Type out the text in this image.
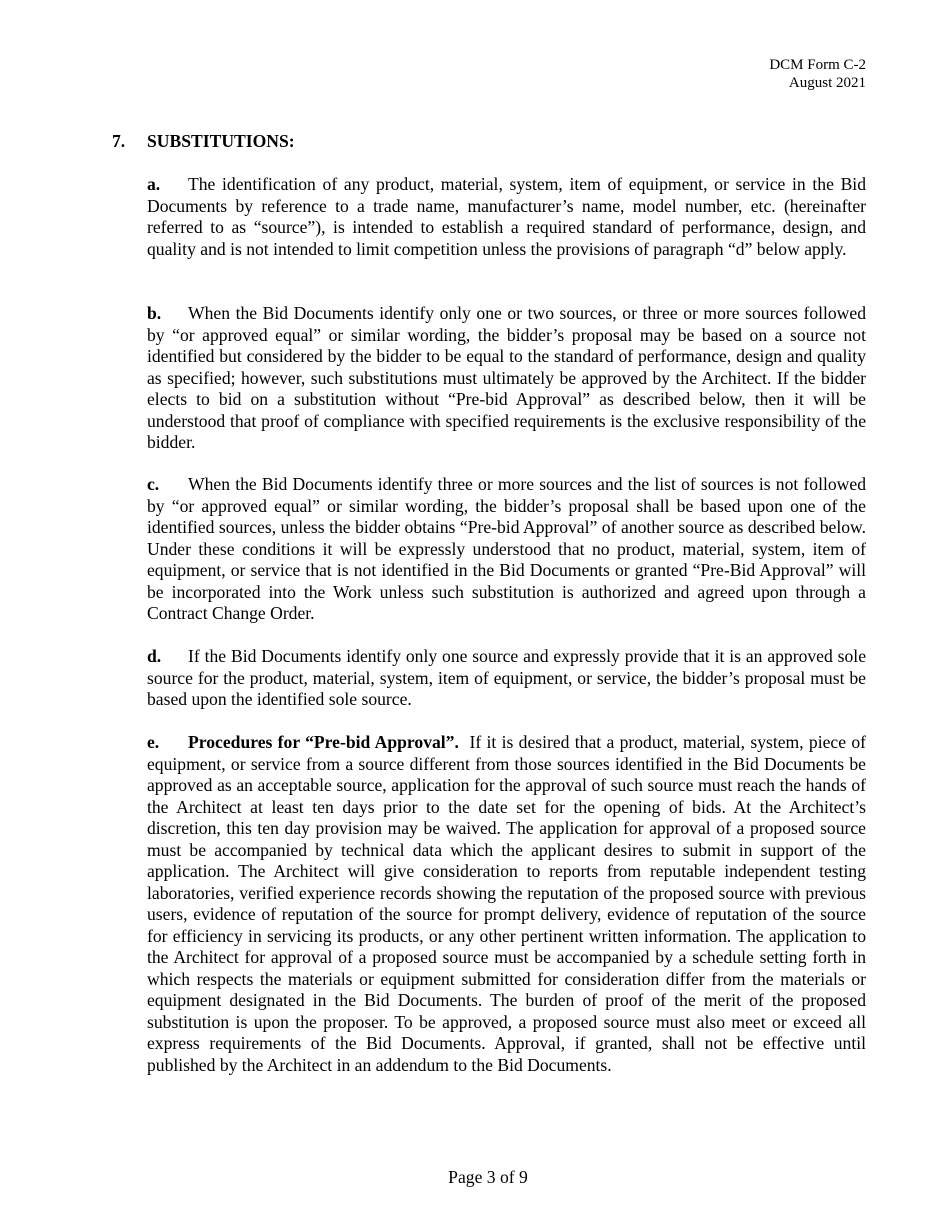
DCM Form C-2
August 2021
7. SUBSTITUTIONS:

a. The identification of any product, material, system, item of equipment, or service in the Bid Documents by reference to a trade name, manufacturer’s name, model number, etc. (hereinafter referred to as “source”), is intended to establish a required standard of performance, design, and quality and is not intended to limit competition unless the provisions of paragraph “d” below apply.

b. When the Bid Documents identify only one or two sources, or three or more sources followed by “or approved equal” or similar wording, the bidder’s proposal may be based on a source not identified but considered by the bidder to be equal to the standard of performance, design and quality as specified; however, such substitutions must ultimately be approved by the Architect. If the bidder elects to bid on a substitution without “Pre-bid Approval” as described below, then it will be understood that proof of compliance with specified requirements is the exclusive responsibility of the bidder.

c. When the Bid Documents identify three or more sources and the list of sources is not followed by “or approved equal” or similar wording, the bidder’s proposal shall be based upon one of the identified sources, unless the bidder obtains “Pre-bid Approval” of another source as described below. Under these conditions it will be expressly understood that no product, material, system, item of equipment, or service that is not identified in the Bid Documents or granted “Pre-Bid Approval” will be incorporated into the Work unless such substitution is authorized and agreed upon through a Contract Change Order.

d. If the Bid Documents identify only one source and expressly provide that it is an approved sole source for the product, material, system, item of equipment, or service, the bidder’s proposal must be based upon the identified sole source.

e. Procedures for “Pre-bid Approval”. If it is desired that a product, material, system, piece of equipment, or service from a source different from those sources identified in the Bid Documents be approved as an acceptable source, application for the approval of such source must reach the hands of the Architect at least ten days prior to the date set for the opening of bids. At the Architect’s discretion, this ten day provision may be waived. The application for approval of a proposed source must be accompanied by technical data which the applicant desires to submit in support of the application. The Architect will give consideration to reports from reputable independent testing laboratories, verified experience records showing the reputation of the proposed source with previous users, evidence of reputation of the source for prompt delivery, evidence of reputation of the source for efficiency in servicing its products, or any other pertinent written information. The application to the Architect for approval of a proposed source must be accompanied by a schedule setting forth in which respects the materials or equipment submitted for consideration differ from the materials or equipment designated in the Bid Documents. The burden of proof of the merit of the proposed substitution is upon the proposer. To be approved, a proposed source must also meet or exceed all express requirements of the Bid Documents. Approval, if granted, shall not be effective until published by the Architect in an addendum to the Bid Documents.

Page 3 of 9
